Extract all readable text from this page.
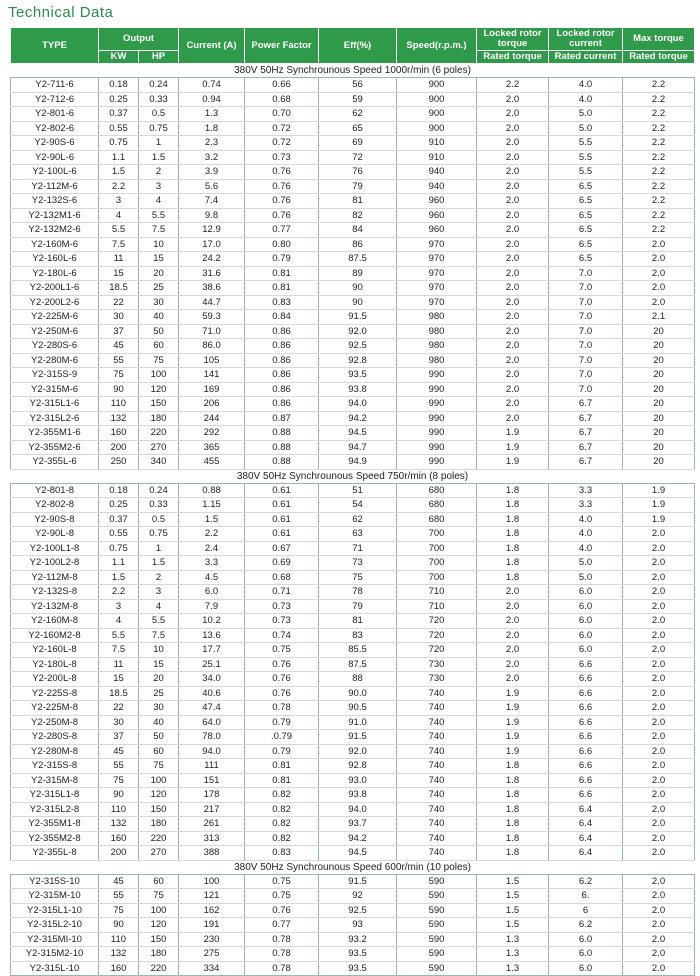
Technical Data
TYPE	Output		Current (A)	Power Factor	Eff(%)	Speed(r.p.m.)	Locked rotor torque	Locked rotor current	Max torque
	KW	HP					Rated torque	Rated current	Rated torque
380V 50Hz Synchrounous Speed 1000r/min (6 poles)									
Y2-711-6	0.18	0.24	0.74	0.66	56	900	2.2	4.0	2.2
Y2-712-6	0.25	0.33	0.94	0.68	59	900	2.0	4.0	2.2
Y2-801-6	0.37	0.5	1.3	0.70	62	900	2.0	5.0	2.2
Y2-802-6	0.55	0.75	1.8	0.72	65	900	2.0	5.0	2.2
Y2-90S-6	0.75	1	2.3	0.72	69	910	2.0	5.5	2.2
Y2-90L-6	1.1	1.5	3.2	0.73	72	910	2.0	5.5	2.2
Y2-100L-6	1.5	2	3.9	0.76	76	940	2.0	5.5	2.2
Y2-112M-6	2.2	3	5.6	0.76	79	940	2.0	6.5	2.2
Y2-132S-6	3	4	7.4	0.76	81	960	2.0	6.5	2.2
Y2-132M1-6	4	5.5	9.8	0.76	82	960	2.0	6.5	2.2
Y2-132M2-6	5.5	7.5	12.9	0.77	84	960	2.0	6.5	2.2
Y2-160M-6	7.5	10	17.0	0.80	86	970	2.0	6.5	2.0
Y2-160L-6	11	15	24.2	0.79	87.5	970	2.0	6.5	2.0
Y2-180L-6	15	20	31.6	0.81	89	970	2.0	7.0	2.0
Y2-200L1-6	18.5	25	38.6	0.81	90	970	2.0	7.0	2.0
Y2-200L2-6	22	30	44.7	0.83	90	970	2.0	7.0	2.0
Y2-225M-6	30	40	59.3	0.84	91.5	980	2.0	7.0	2.1
Y2-250M-6	37	50	71.0	0.86	92.0	980	2.0	7.0	20
Y2-280S-6	45	60	86.0	0.86	92.5	980	2.0	7.0	20
Y2-280M-6	55	75	105	0.86	92.8	980	2.0	7.0	20
Y2-315S-9	75	100	141	0.86	93.5	990	2.0	7.0	20
Y2-315M-6	90	120	169	0.86	93.8	990	2.0	7.0	20
Y2-315L1-6	110	150	206	0.86	94.0	990	2.0	6.7	20
Y2-315L2-6	132	180	244	0.87	94.2	990	2.0	6.7	20
Y2-355M1-6	160	220	292	0.88	94.5	990	1.9	6.7	20
Y2-355M2-6	200	270	365	0.88	94.7	990	1.9	6.7	20
Y2-355L-6	250	340	455	0.88	94.9	990	1.9	6.7	20
380V 50Hz Synchrounous Speed 750r/min (8 poles)									
Y2-801-8	0.18	0.24	0.88	0.61	51	680	1.8	3.3	1.9
Y2-802-8	0.25	0.33	1.15	0.61	54	680	1.8	3.3	1.9
Y2-90S-8	0.37	0.5	1.5	0.61	62	680	1.8	4.0	1.9
Y2-90L-8	0.55	0.75	2.2	0.61	63	700	1.8	4.0	2.0
Y2-100L1-8	0.75	1	2.4	0.67	71	700	1.8	4.0	2.0
Y2-100L2-8	1.1	1.5	3.3	0.69	73	700	1.8	5.0	2.0
Y2-112M-8	1.5	2	4.5	0.68	75	700	1.8	5.0	2.0
Y2-132S-8	2.2	3	6.0	0.71	78	710	2.0	6.0	2.0
Y2-132M-8	3	4	7.9	0.73	79	710	2.0	6.0	2.0
Y2-160M-8	4	5.5	10.2	0.73	81	720	2.0	6.0	2.0
Y2-160M2-8	5.5	7.5	13.6	0.74	83	720	2.0	6.0	2.0
Y2-160L-8	7.5	10	17.7	0.75	85.5	720	2.0	6.0	2.0
Y2-180L-8	11	15	25.1	0.76	87.5	730	2.0	6.6	2.0
Y2-200L-8	15	20	34.0	0.76	88	730	2.0	6.6	2.0
Y2-225S-8	18.5	25	40.6	0.76	90.0	740	1.9	6.6	2.0
Y2-225M-8	22	30	47.4	0.78	90.5	740	1.9	6.6	2.0
Y2-250M-8	30	40	64.0	0.79	91.0	740	1.9	6.6	2.0
Y2-280S-8	37	50	78.0	.0.79	91.5	740	1.9	6.6	2.0
Y2-280M-8	45	60	94.0	0.79	92.0	740	1.9	6.6	2.0
Y2-315S-8	55	75	111	0.81	92.8	740	1.8	6.6	2.0
Y2-315M-8	75	100	151	0.81	93.0	740	1.8	6.6	2.0
Y2-315L1-8	90	120	178	0.82	93.8	740	1.8	6.6	2.0
Y2-315L2-8	110	150	217	0.82	94.0	740	1.8	6.4	2.0
Y2-355M1-8	132	180	261	0.82	93.7	740	1.8	6.4	2.0
Y2-355M2-8	160	220	313	0.82	94.2	740	1.8	6.4	2.0
Y2-355L-8	200	270	388	0.83	94.5	740	1.8	6.4	2.0
380V 50Hz Synchrounous Speed 600r/min (10 poles)									
Y2-315S-10	45	60	100	0.75	91.5	590	1.5	6.2	2.0
Y2-315M-10	55	75	121	0.75	92	590	1.5	6.	2.0
Y2-315L1-10	75	100	162	0.76	92.5	590	1.5	6	2.0
Y2-315L2-10	90	120	191	0.77	93	590	1.5	6.2	2.0
Y2-315MI-10	110	150	230	0.78	93.2	590	1.3	6.0	2.0
Y2-315M2-10	132	180	275	0.78	93.5	590	1.3	6.0	2.0
Y2-315L-10	160	220	334	0.78	93.5	590	1.3	6.0	2.0
